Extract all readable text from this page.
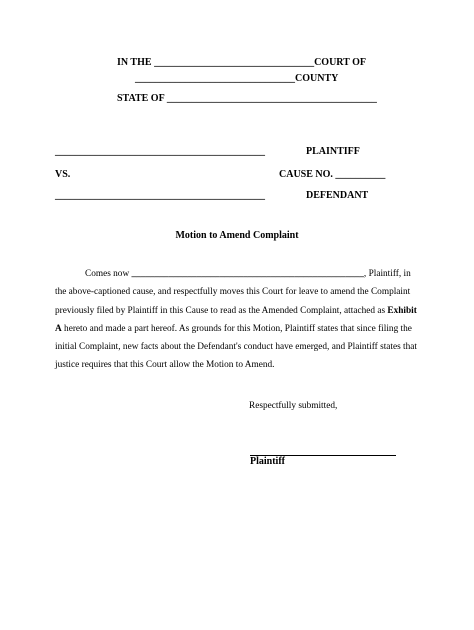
IN THE ________________________________COURT OF
________________________________COUNTY
STATE OF __________________________________________
__________________________________________	PLAINTIFF
VS.	CAUSE NO. __________
__________________________________________	DEFENDANT
Motion to Amend Complaint
Comes now __________________________________________________, Plaintiff, in the above-captioned cause, and respectfully moves this Court for leave to amend the Complaint previously filed by Plaintiff in this Cause to read as the Amended Complaint, attached as Exhibit A hereto and made a part hereof. As grounds for this Motion, Plaintiff states that since filing the initial Complaint, new facts about the Defendant's conduct have emerged, and Plaintiff states that justice requires that this Court allow the Motion to Amend.
Respectfully submitted,
Plaintiff
